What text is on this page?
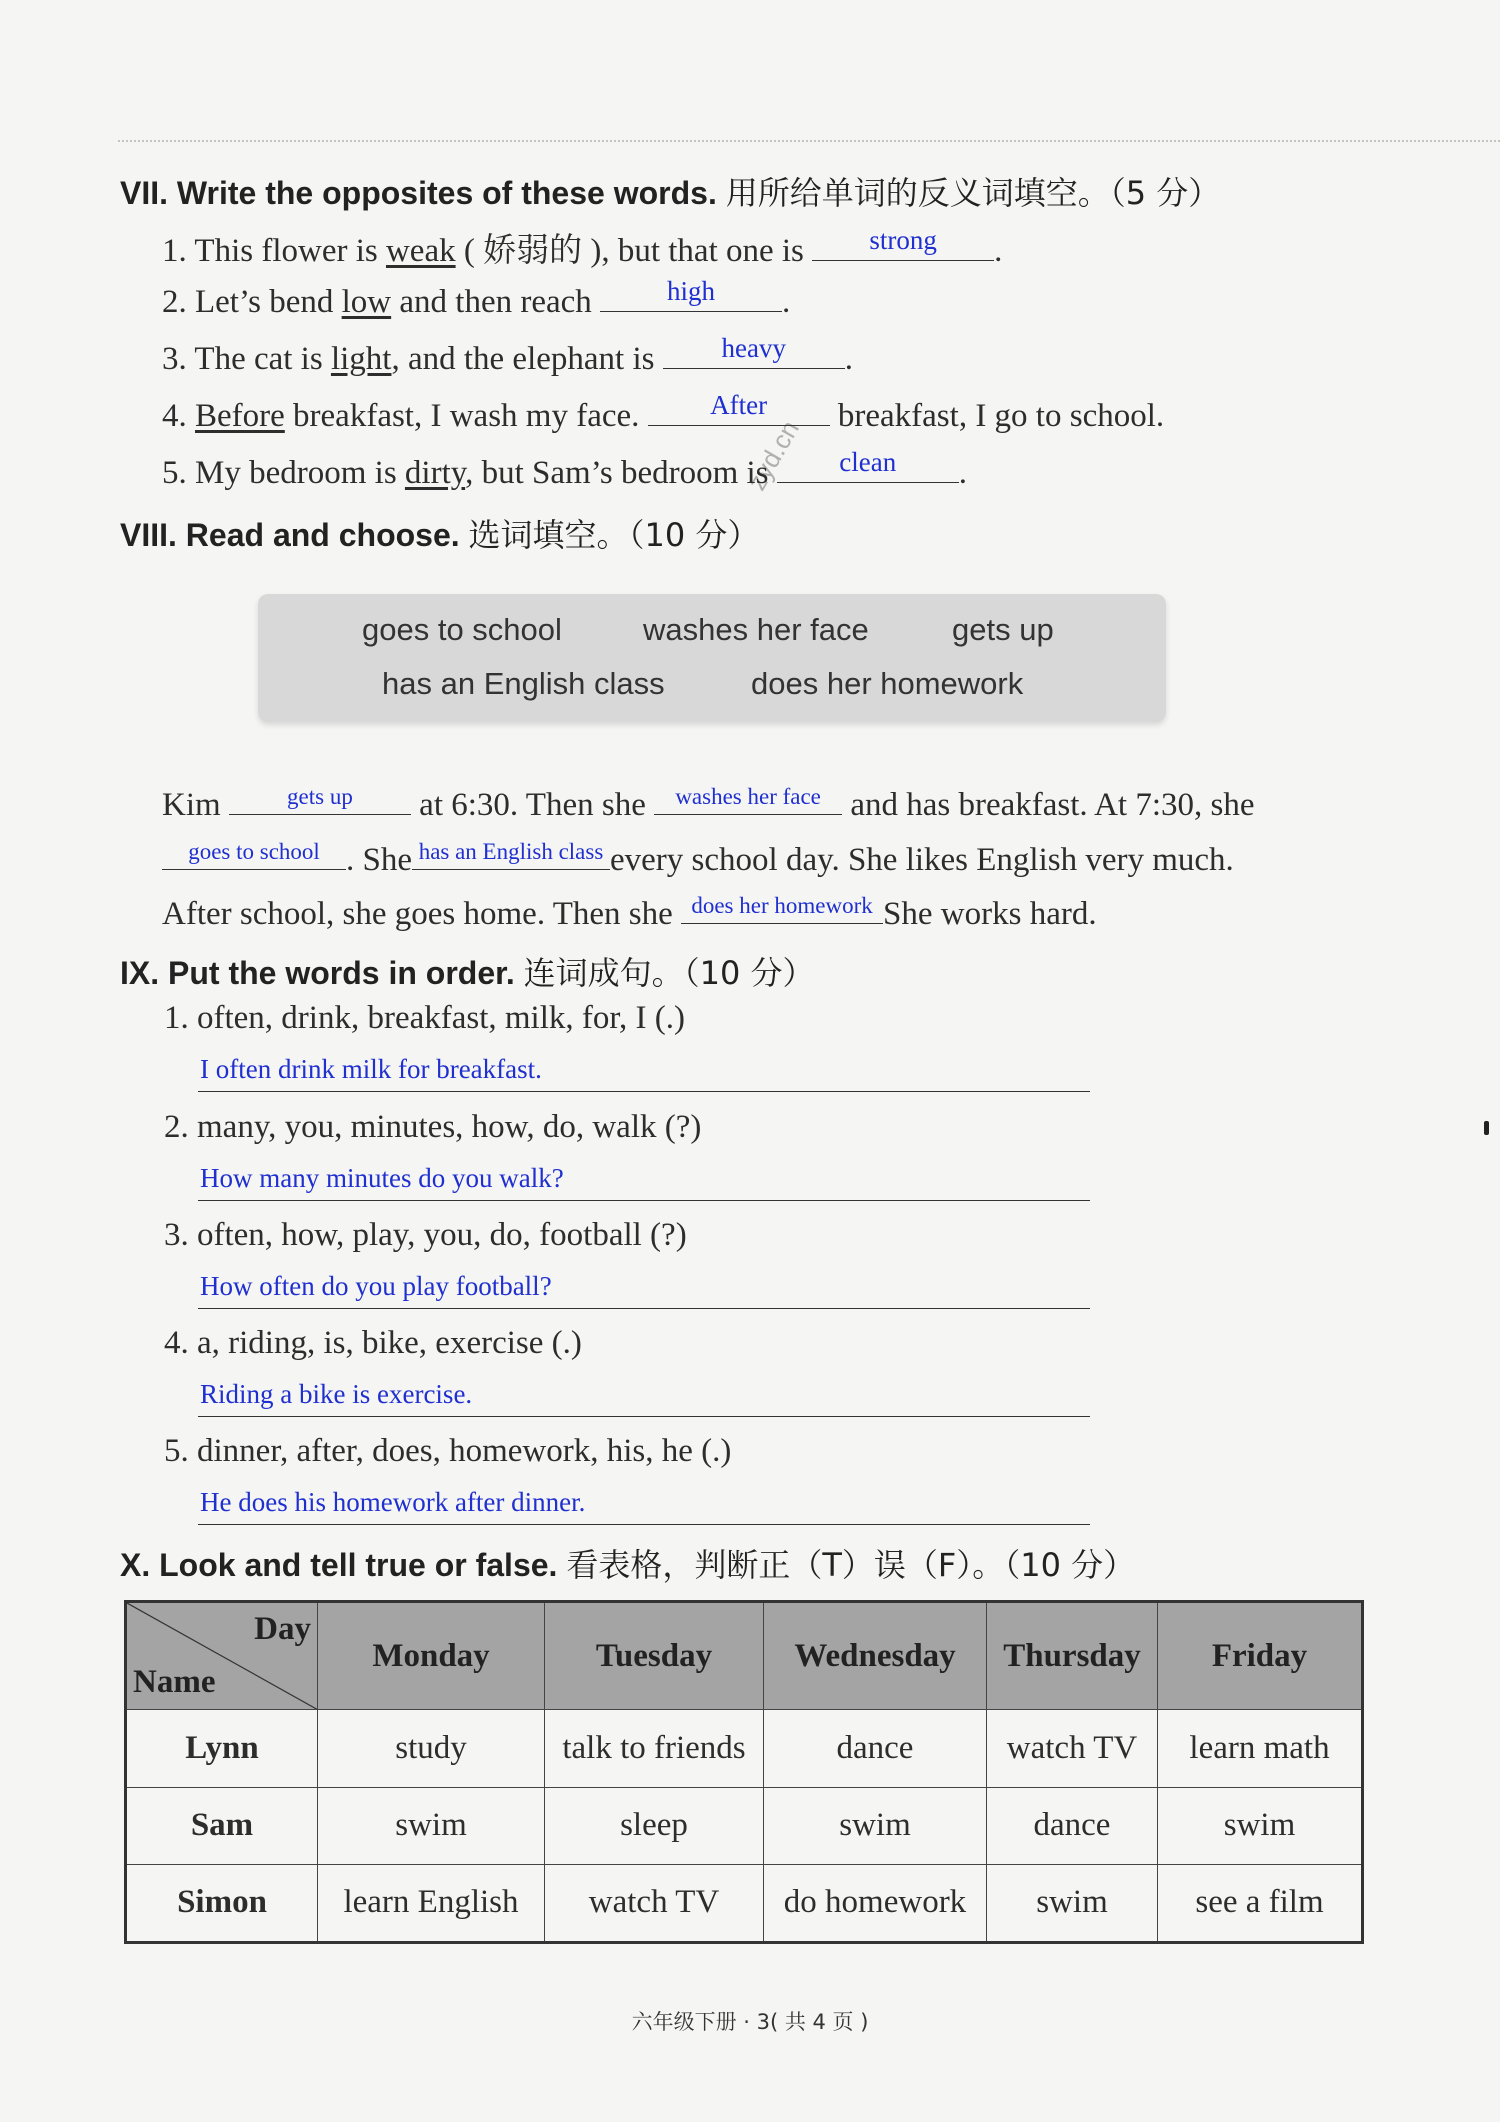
zyd.cn
VII. Write the opposites of these words. 用所给单词的反义词填空。（5 分）
1. This flower is weak ( 娇弱的 ), but that one is	strong	.
2. Let’s bend low and then reach	high	.
3. The cat is light, and the elephant is	heavy	.
4. Before breakfast, I wash my face.	After	breakfast, I go to school.
5. My bedroom is dirty, but Sam’s bedroom is	clean	.
VIII. Read and choose. 选词填空。（10 分）
goes to school	washes her face	gets up
has an English class	does her homework
Kim	gets up	at 6:30. Then she washes her face and has breakfast. At 7:30, she
goes to school . She has an English class every school day. She likes English very much.
After school, she goes home. Then she does her homework She works hard.
IX. Put the words in order. 连词成句。（10 分）
1. often, drink, breakfast, milk, for, I (.)
I often drink milk for breakfast.
2. many, you, minutes, how, do, walk (?)
How many minutes do you walk?
3. often, how, play, you, do, football (?)
How often do you play football?
4. a, riding, is, bike, exercise (.)
Riding a bike is exercise.
5. dinner, after, does, homework, his, he (.)
He does his homework after dinner.
X. Look and tell true or false. 看表格，判断正（T）误（F）。（10 分）
Day
Name	Monday	Tuesday	Wednesday	Thursday	Friday
Lynn	study	talk to friends	dance	watch TV	learn math
Sam	swim	sleep	swim	dance	swim
Simon	learn English	watch TV	do homework	swim	see a film
六年级下册 · 3( 共 4 页 )
